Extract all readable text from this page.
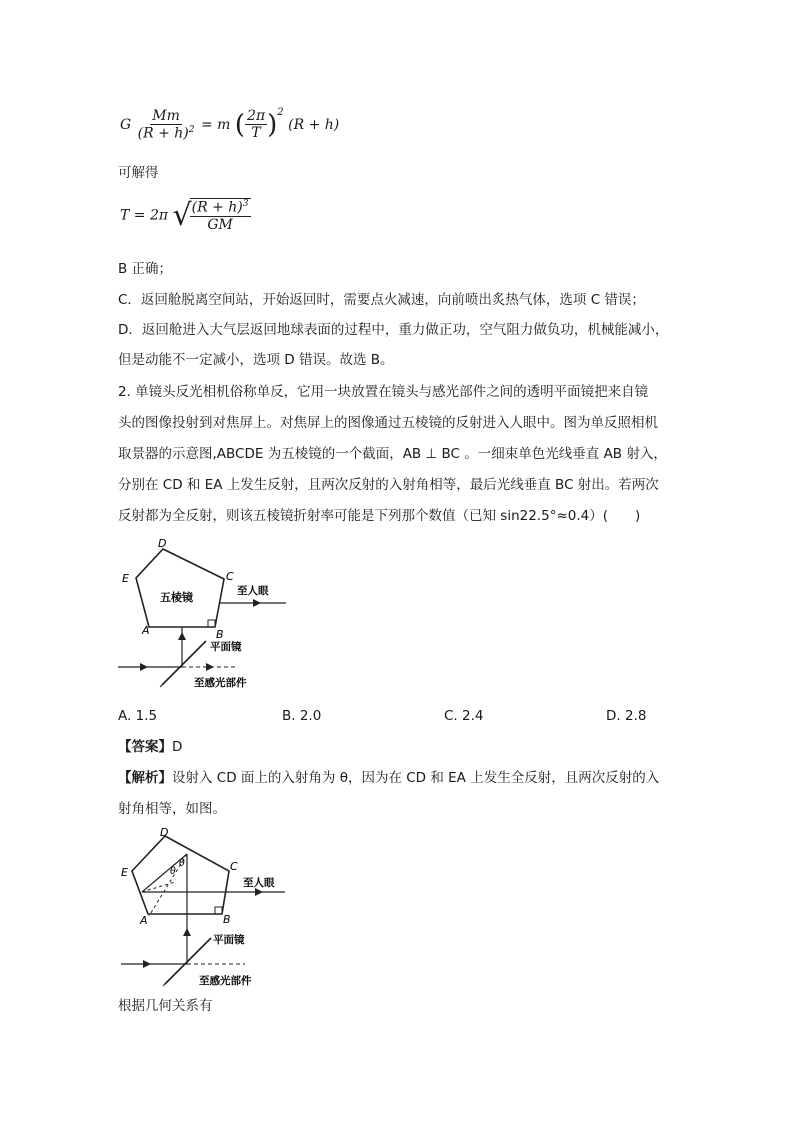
G $\frac{Mm}{(R + h)^2} = m$ ( $\frac{2\pi}{T} )^2$ (R + h)
可解得
T = 2π √
$\frac{(R + h)^3}{GM}$
B 正确；
C．返回舱脱离空间站，开始返回时，需要点火减速，向前喷出炙热气体，选项 C 错误；
D．返回舱进入大气层返回地球表面的过程中，重力做正功，空气阻力做负功，机械能减小，
但是动能不一定减小，选项 D 错误。故选 B。
2. 单镜头反光相机俗称单反，它用一块放置在镜头与感光部件之间的透明平面镜把来自镜
头的图像投射到对焦屏上。对焦屏上的图像通过五棱镜的反射进入人眼中。图为单反照相机
取景器的示意图,ABCDE 为五棱镜的一个截面，AB ⊥ BC 。一细束单色光线垂直 AB 射入，
分别在 CD 和 EA 上发生反射，且两次反射的入射角相等，最后光线垂直 BC 射出。若两次
反射都为全反射，则该五棱镜折射率可能是下列那个数值（已知 sin22.5°≈0.4）(　　)
D
C
E
A	B
五棱镜	至人眼
平面镜
至感光部件
A. 1.5	B. 2.0	C. 2.4	D. 2.8
【答案】D
【解析】设射入 CD 面上的入射角为 θ，因为在 CD 和 EA 上发生全反射，且两次反射的入
射角相等，如图。
D
C
E
A	B
至人眼
θ
θ
平面镜
至感光部件
根据几何关系有
